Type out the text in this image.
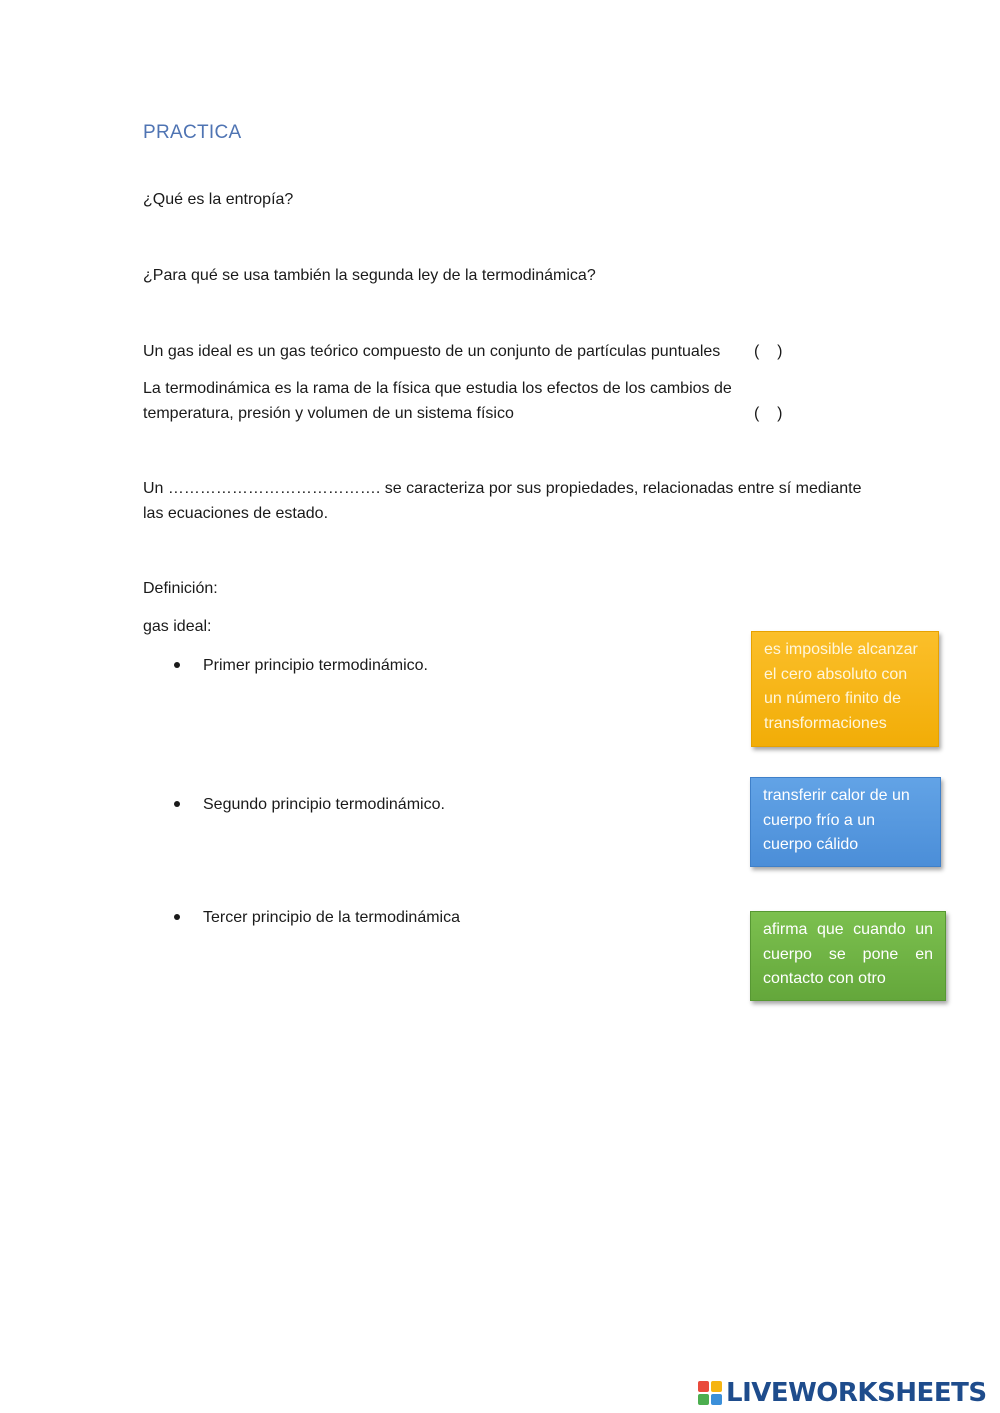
PRACTICA
¿Qué es la entropía?
¿Para qué se usa también la segunda ley de la termodinámica?
Un gas ideal es un gas teórico compuesto de un conjunto de partículas puntuales (    )
La termodinámica es la rama de la física que estudia los efectos de los cambios de
temperatura, presión y volumen de un sistema físico	(    )
Un …………………………………. se caracteriza por sus propiedades, relacionadas entre sí mediante
las ecuaciones de estado.
Definición:
gas ideal:
Primer principio termodinámico.
Segundo principio termodinámico.
Tercer principio de la termodinámica
es imposible alcanzar el cero absoluto con un número finito de transformaciones
transferir calor de un cuerpo frío a un cuerpo cálido
afirma que cuando un cuerpo se pone en contacto con otro
LIVEWORKSHEETS
